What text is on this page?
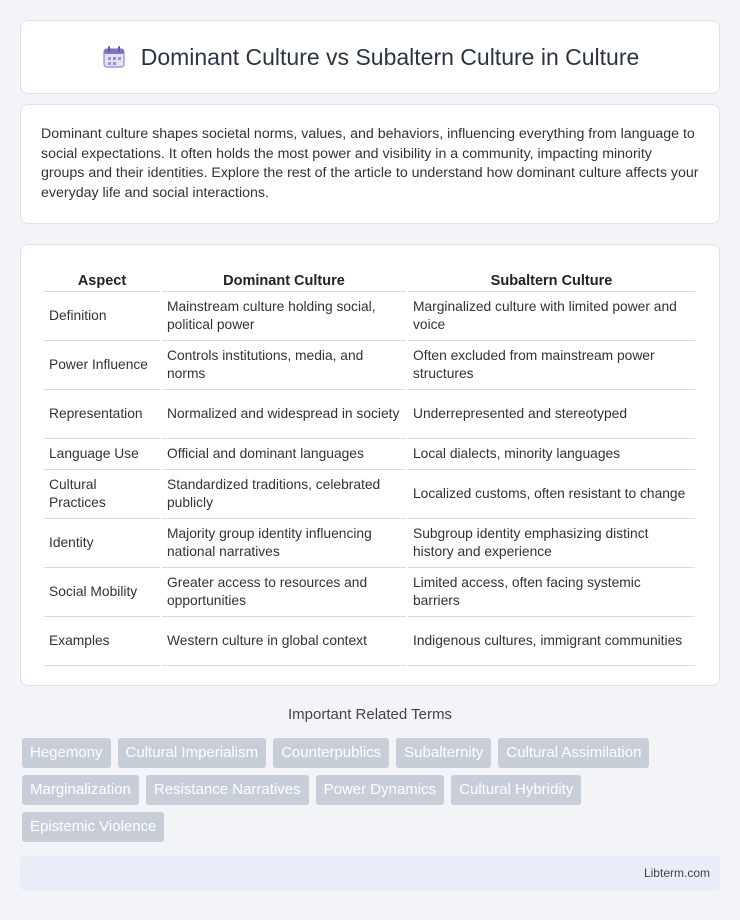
Dominant Culture vs Subaltern Culture in Culture

Dominant culture shapes societal norms, values, and behaviors, influencing everything from language to social expectations. It often holds the most power and visibility in a community, impacting minority groups and their identities. Explore the rest of the article to understand how dominant culture affects your everyday life and social interactions.

Aspect	Dominant Culture	Subaltern Culture
Definition	Mainstream culture holding social, political power	Marginalized culture with limited power and voice
Power Influence	Controls institutions, media, and norms	Often excluded from mainstream power structures
Representation	Normalized and widespread in society	Underrepresented and stereotyped
Language Use	Official and dominant languages	Local dialects, minority languages
Cultural Practices	Standardized traditions, celebrated publicly	Localized customs, often resistant to change
Identity	Majority group identity influencing national narratives	Subgroup identity emphasizing distinct history and experience
Social Mobility	Greater access to resources and opportunities	Limited access, often facing systemic barriers
Examples	Western culture in global context	Indigenous cultures, immigrant communities
Important Related Terms
Hegemony	Cultural Imperialism	Counterpublics	Subalternity	Cultural Assimilation
Marginalization	Resistance Narratives	Power Dynamics	Cultural Hybridity
Epistemic Violence
Libterm.com
